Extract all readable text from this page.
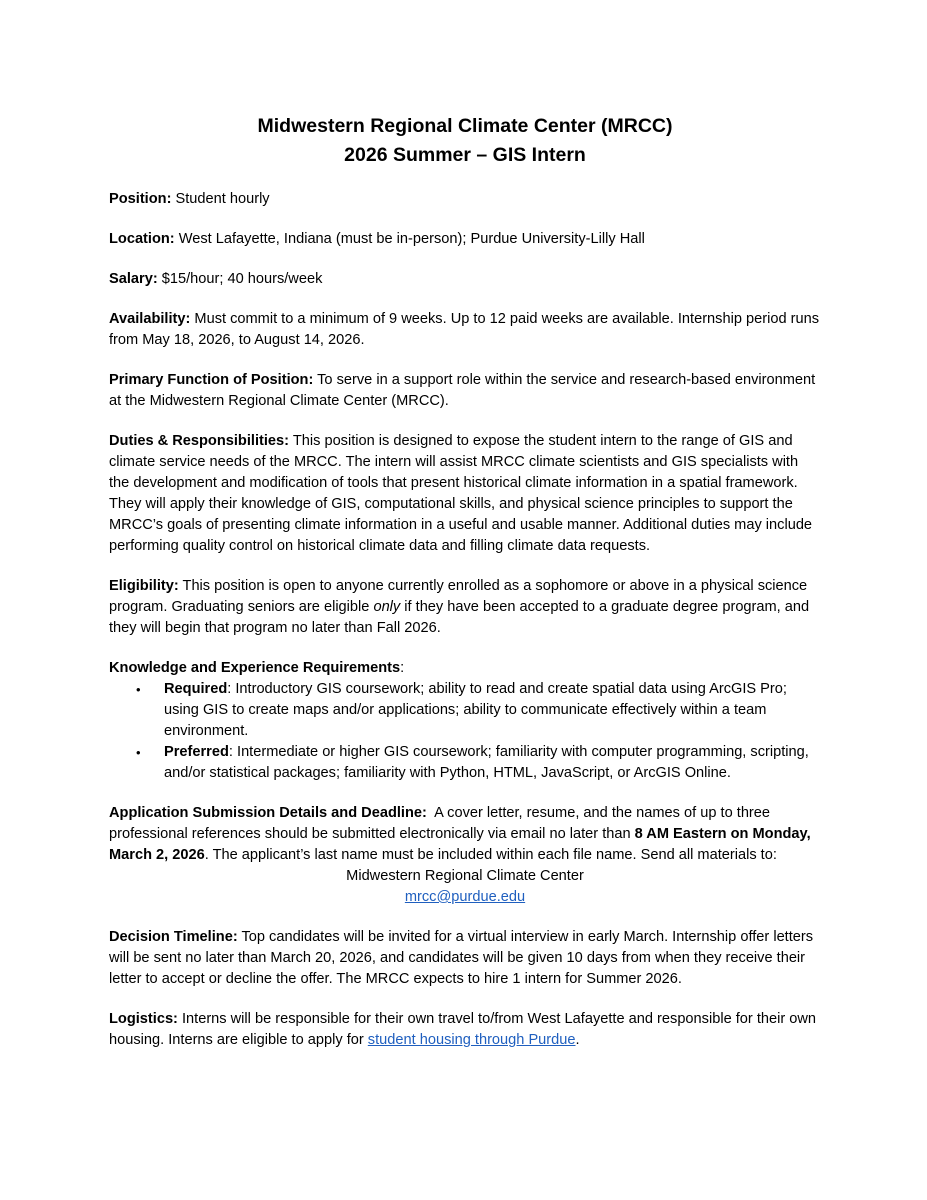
Midwestern Regional Climate Center (MRCC)
2026 Summer – GIS Intern

Position: Student hourly

Location: West Lafayette, Indiana (must be in-person); Purdue University-Lilly Hall

Salary: $15/hour; 40 hours/week

Availability: Must commit to a minimum of 9 weeks. Up to 12 paid weeks are available. Internship period runs from May 18, 2026, to August 14, 2026.

Primary Function of Position: To serve in a support role within the service and research-based environment at the Midwestern Regional Climate Center (MRCC).

Duties & Responsibilities: This position is designed to expose the student intern to the range of GIS and climate service needs of the MRCC. The intern will assist MRCC climate scientists and GIS specialists with the development and modification of tools that present historical climate information in a spatial framework. They will apply their knowledge of GIS, computational skills, and physical science principles to support the MRCC’s goals of presenting climate information in a useful and usable manner. Additional duties may include performing quality control on historical climate data and filling climate data requests.

Eligibility: This position is open to anyone currently enrolled as a sophomore or above in a physical science program. Graduating seniors are eligible only if they have been accepted to a graduate degree program, and they will begin that program no later than Fall 2026.

Knowledge and Experience Requirements:
• Required: Introductory GIS coursework; ability to read and create spatial data using ArcGIS Pro; using GIS to create maps and/or applications; ability to communicate effectively within a team environment.
• Preferred: Intermediate or higher GIS coursework; familiarity with computer programming, scripting, and/or statistical packages; familiarity with Python, HTML, JavaScript, or ArcGIS Online.

Application Submission Details and Deadline:  A cover letter, resume, and the names of up to three professional references should be submitted electronically via email no later than 8 AM Eastern on Monday, March 2, 2026. The applicant’s last name must be included within each file name. Send all materials to:

Midwestern Regional Climate Center
mrcc@purdue.edu

Decision Timeline: Top candidates will be invited for a virtual interview in early March. Internship offer letters will be sent no later than March 20, 2026, and candidates will be given 10 days from when they receive their letter to accept or decline the offer. The MRCC expects to hire 1 intern for Summer 2026.

Logistics: Interns will be responsible for their own travel to/from West Lafayette and responsible for their own housing. Interns are eligible to apply for student housing through Purdue.
